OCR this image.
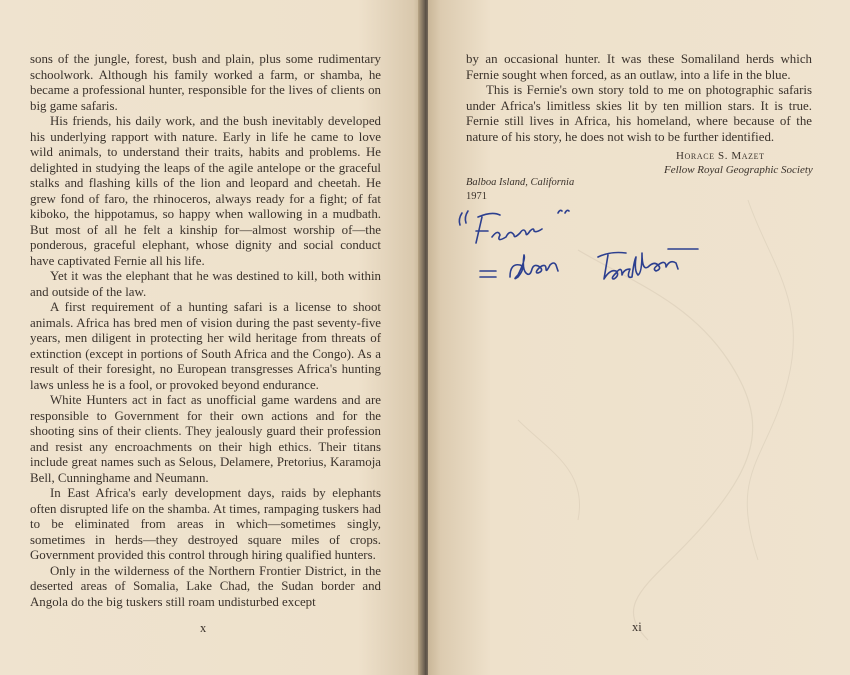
sons of the jungle, forest, bush and plain, plus some rudimentary schoolwork. Although his family worked a farm, or shamba, he became a professional hunter, responsible for the lives of clients on big game safaris.

His friends, his daily work, and the bush inevitably developed his underlying rapport with nature. Early in life he came to love wild animals, to understand their traits, habits and problems. He delighted in studying the leaps of the agile antelope or the graceful stalks and flashing kills of the lion and leopard and cheetah. He grew fond of faro, the rhinoceros, always ready for a fight; of fat kiboko, the hippotamus, so happy when wallowing in a mudbath. But most of all he felt a kinship for—almost worship of—the ponderous, graceful elephant, whose dignity and social conduct have captivated Fernie all his life.

Yet it was the elephant that he was destined to kill, both within and outside of the law.

A first requirement of a hunting safari is a license to shoot animals. Africa has bred men of vision during the past seventy-five years, men diligent in protecting her wild heritage from threats of extinction (except in portions of South Africa and the Congo). As a result of their foresight, no European transgresses Africa's hunting laws unless he is a fool, or provoked beyond endurance.

White Hunters act in fact as unofficial game wardens and are responsible to Government for their own actions and for the shooting sins of their clients. They jealously guard their profession and resist any encroachments on their high ethics. Their titans include great names such as Selous, Delamere, Pretorius, Karamoja Bell, Cunninghame and Neumann.

In East Africa's early development days, raids by elephants often disrupted life on the shamba. At times, rampaging tuskers had to be eliminated from areas in which—sometimes singly, sometimes in herds—they destroyed square miles of crops. Government provided this control through hiring qualified hunters.

Only in the wilderness of the Northern Frontier District, in the deserted areas of Somalia, Lake Chad, the Sudan border and Angola do the big tuskers still roam undisturbed except

x

by an occasional hunter. It was these Somaliland herds which Fernie sought when forced, as an outlaw, into a life in the blue.

This is Fernie's own story told to me on photographic safaris under Africa's limitless skies lit by ten million stars. It is true. Fernie still lives in Africa, his homeland, where because of the nature of his story, he does not wish to be further identified.

Horace S. Mazet
Fellow Royal Geographic Society
Balboa Island, California
1971
xi
